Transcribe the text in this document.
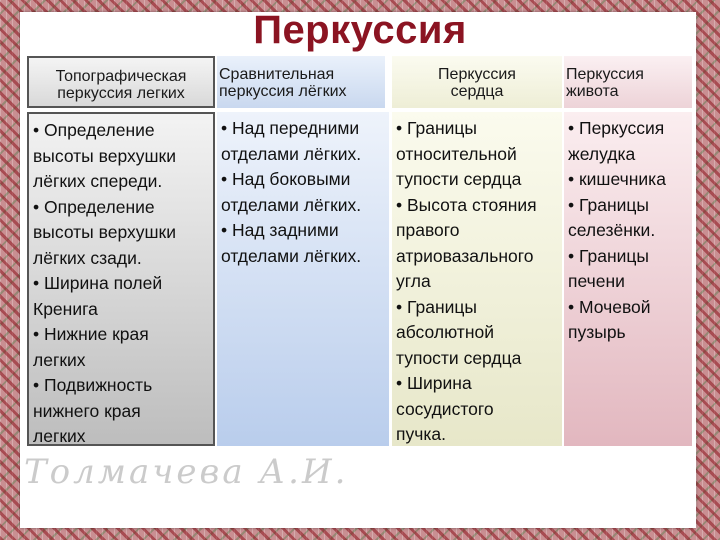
Перкуссия
Топографическая
перкуссия легких
• Определение
высоты верхушки
лёгких спереди.
• Определение
высоты верхушки
лёгких сзади.
• Ширина полей
Кренига
• Нижние края
легких
• Подвижность
нижнего края
легких
Сравнительная
перкуссия лёгких
• Над передними
отделами лёгких.
• Над боковыми
отделами лёгких.
• Над задними
отделами лёгких.
Перкуссия
сердца
• Границы
относительной
тупости сердца
• Высота стояния
правого
атриовазального
угла
• Границы
абсолютной
тупости сердца
• Ширина
сосудистого
пучка.
Перкуссия
живота
• Перкуссия
желудка
• кишечника
• Границы
селезёнки.
• Границы
печени
• Мочевой
пузырь
Толмачева А.И.
